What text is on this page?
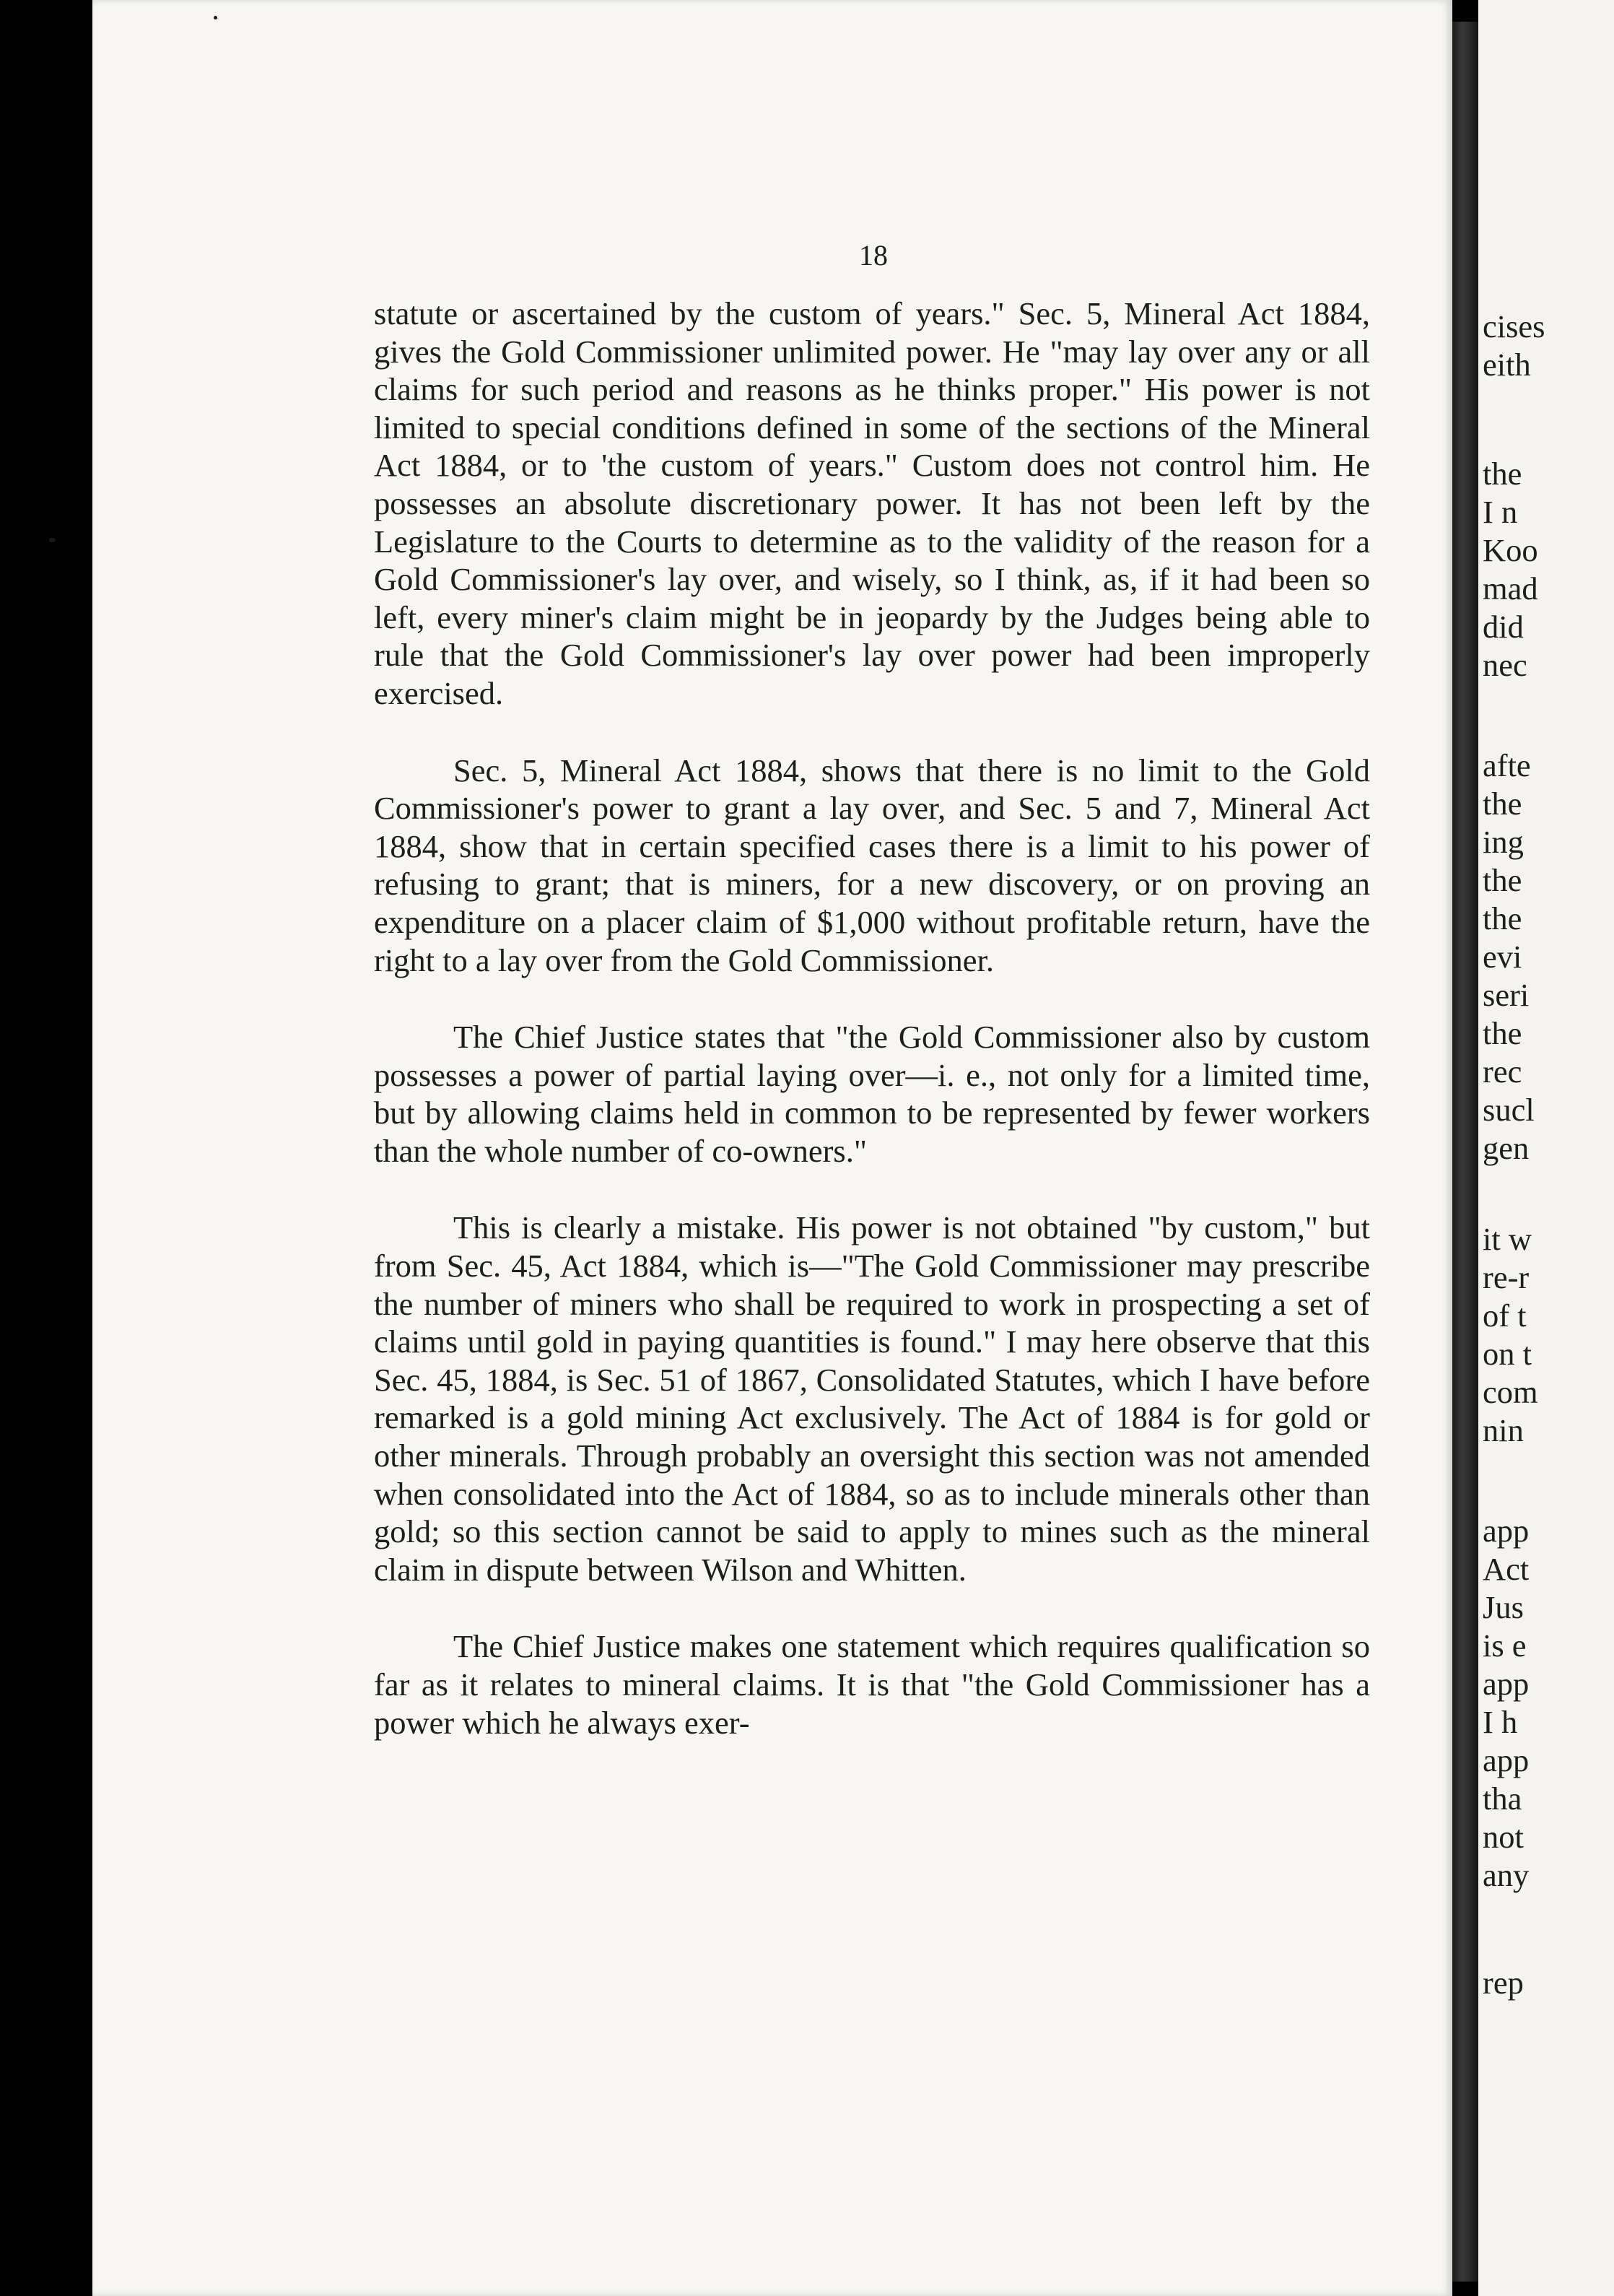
18

statute or ascertained by the custom of years." Sec. 5, Mineral Act 1884, gives the Gold Commissioner unlimited power. He "may lay over any or all claims for such period and reasons as he thinks proper." His power is not limited to special conditions defined in some of the sections of the Mineral Act 1884, or to 'the custom of years." Custom does not control him. He possesses an absolute discretionary power. It has not been left by the Legislature to the Courts to determine as to the validity of the reason for a Gold Commissioner's lay over, and wisely, so I think, as, if it had been so left, every miner's claim might be in jeopardy by the Judges being able to rule that the Gold Commissioner's lay over power had been improperly exercised.

Sec. 5, Mineral Act 1884, shows that there is no limit to the Gold Commissioner's power to grant a lay over, and Sec. 5 and 7, Mineral Act 1884, show that in certain specified cases there is a limit to his power of refusing to grant; that is miners, for a new discovery, or on proving an expenditure on a placer claim of $1,000 without profitable return, have the right to a lay over from the Gold Commissioner.

The Chief Justice states that "the Gold Commissioner also by custom possesses a power of partial laying over—i. e., not only for a limited time, but by allowing claims held in common to be represented by fewer workers than the whole number of co-owners."

This is clearly a mistake. His power is not obtained "by custom," but from Sec. 45, Act 1884, which is—"The Gold Commissioner may prescribe the number of miners who shall be required to work in prospecting a set of claims until gold in paying quantities is found." I may here observe that this Sec. 45, 1884, is Sec. 51 of 1867, Consolidated Statutes, which I have before remarked is a gold mining Act exclusively. The Act of 1884 is for gold or other minerals. Through probably an oversight this section was not amended when consolidated into the Act of 1884, so as to include minerals other than gold; so this section cannot be said to apply to mines such as the mineral claim in dispute between Wilson and Whitten.

The Chief Justice makes one statement which requires qualification so far as it relates to mineral claims. It is that "the Gold Commissioner has a power which he always exer-

cises
eith
the
I n
Koo
mad
did
nec
afte
the
ing
the
the
evi
seri
the
rec
sucl
gen
it w
re-r
of t
on t
com
nin
app
Act
Jus
is e
app
I h
app
tha
not
any
rep
